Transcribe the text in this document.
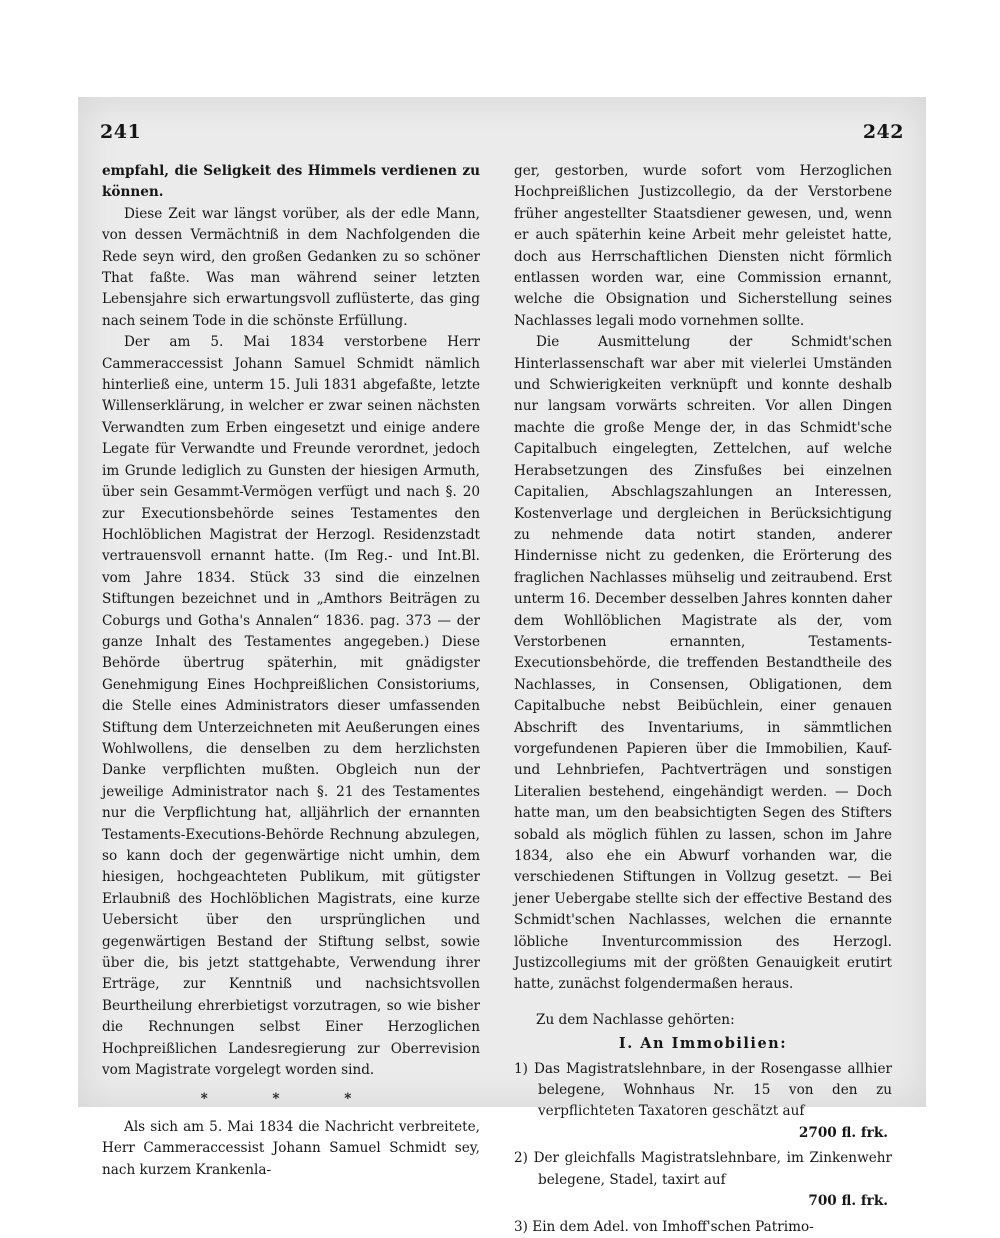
241	242

empfahl, die Seligkeit des Himmels verdienen zu können.

Diese Zeit war längst vorüber, als der edle Mann, von dessen Vermächtniß in dem Nachfolgenden die Rede seyn wird, den großen Gedanken zu so schöner That faßte. Was man während seiner letzten Lebensjahre sich erwartungsvoll zuflüsterte, das ging nach seinem Tode in die schönste Erfüllung.

Der am 5. Mai 1834 verstorbene Herr Cammeraccessist Johann Samuel Schmidt nämlich hinterließ eine, unterm 15. Juli 1831 abgefaßte, letzte Willenserklärung, in welcher er zwar seinen nächsten Verwandten zum Erben eingesetzt und einige andere Legate für Verwandte und Freunde verordnet, jedoch im Grunde lediglich zu Gunsten der hiesigen Armuth, über sein Gesammt-Vermögen verfügt und nach §. 20 zur Executionsbehörde seines Testamentes den Hochlöblichen Magistrat der Herzogl. Residenzstadt vertrauensvoll ernannt hatte. (Im Reg.- und Int.Bl. vom Jahre 1834. Stück 33 sind die einzelnen Stiftungen bezeichnet und in „Amthors Beiträgen zu Coburgs und Gotha's Annalen“ 1836. pag. 373 — der ganze Inhalt des Testamentes angegeben.) Diese Behörde übertrug späterhin, mit gnädigster Genehmigung Eines Hochpreißlichen Consistoriums, die Stelle eines Administrators dieser umfassenden Stiftung dem Unterzeichneten mit Aeußerungen eines Wohlwollens, die denselben zu dem herzlichsten Danke verpflichten mußten. Obgleich nun der jeweilige Administrator nach §. 21 des Testamentes nur die Verpflichtung hat, alljährlich der ernannten Testaments-Executions-Behörde Rechnung abzulegen, so kann doch der gegenwärtige nicht umhin, dem hiesigen, hochgeachteten Publikum, mit gütigster Erlaubniß des Hochlöblichen Magistrats, eine kurze Uebersicht über den ursprünglichen und gegenwärtigen Bestand der Stiftung selbst, sowie über die, bis jetzt stattgehabte, Verwendung ihrer Erträge, zur Kenntniß und nachsichtsvollen Beurtheilung ehrerbietigst vorzutragen, so wie bisher die Rechnungen selbst Einer Herzoglichen Hochpreißlichen Landesregierung zur Oberrevision vom Magistrate vorgelegt worden sind.

* * *

Als sich am 5. Mai 1834 die Nachricht verbreitete, Herr Cammeraccessist Johann Samuel Schmidt sey, nach kurzem Krankenla-

ger, gestorben, wurde sofort vom Herzoglichen Hochpreißlichen Justizcollegio, da der Verstorbene früher angestellter Staatsdiener gewesen, und, wenn er auch späterhin keine Arbeit mehr geleistet hatte, doch aus Herrschaftlichen Diensten nicht förmlich entlassen worden war, eine Commission ernannt, welche die Obsignation und Sicherstellung seines Nachlasses legali modo vornehmen sollte.

Die Ausmittelung der Schmidt'schen Hinterlassenschaft war aber mit vielerlei Umständen und Schwierigkeiten verknüpft und konnte deshalb nur langsam vorwärts schreiten. Vor allen Dingen machte die große Menge der, in das Schmidt'sche Capitalbuch eingelegten, Zettelchen, auf welche Herabsetzungen des Zinsfußes bei einzelnen Capitalien, Abschlagszahlungen an Interessen, Kostenverlage und dergleichen in Berücksichtigung zu nehmende data notirt standen, anderer Hindernisse nicht zu gedenken, die Erörterung des fraglichen Nachlasses mühselig und zeitraubend. Erst unterm 16. December desselben Jahres konnten daher dem Wohllöblichen Magistrate als der, vom Verstorbenen ernannten, Testaments-Executionsbehörde, die treffenden Bestandtheile des Nachlasses, in Consensen, Obligationen, dem Capitalbuche nebst Beibüchlein, einer genauen Abschrift des Inventariums, in sämmtlichen vorgefundenen Papieren über die Immobilien, Kauf- und Lehnbriefen, Pachtverträgen und sonstigen Literalien bestehend, eingehändigt werden. — Doch hatte man, um den beabsichtigten Segen des Stifters sobald als möglich fühlen zu lassen, schon im Jahre 1834, also ehe ein Abwurf vorhanden war, die verschiedenen Stiftungen in Vollzug gesetzt. — Bei jener Uebergabe stellte sich der effective Bestand des Schmidt'schen Nachlasses, welchen die ernannte löbliche Inventurcommission des Herzogl. Justizcollegiums mit der größten Genauigkeit erutirt hatte, zunächst folgendermaßen heraus.

Zu dem Nachlasse gehörten:

I. An Immobilien:

1) Das Magistratslehnbare, in der Rosengasse allhier belegene, Wohnhaus Nr. 15 von den zu verpflichteten Taxatoren geschätzt auf

2700 fl. frk.

2) Der gleichfalls Magistratslehnbare, im Zinkenwehr belegene, Stadel, taxirt auf

700 fl. frk.

3) Ein dem Adel. von Imhoff'schen Patrimo-
